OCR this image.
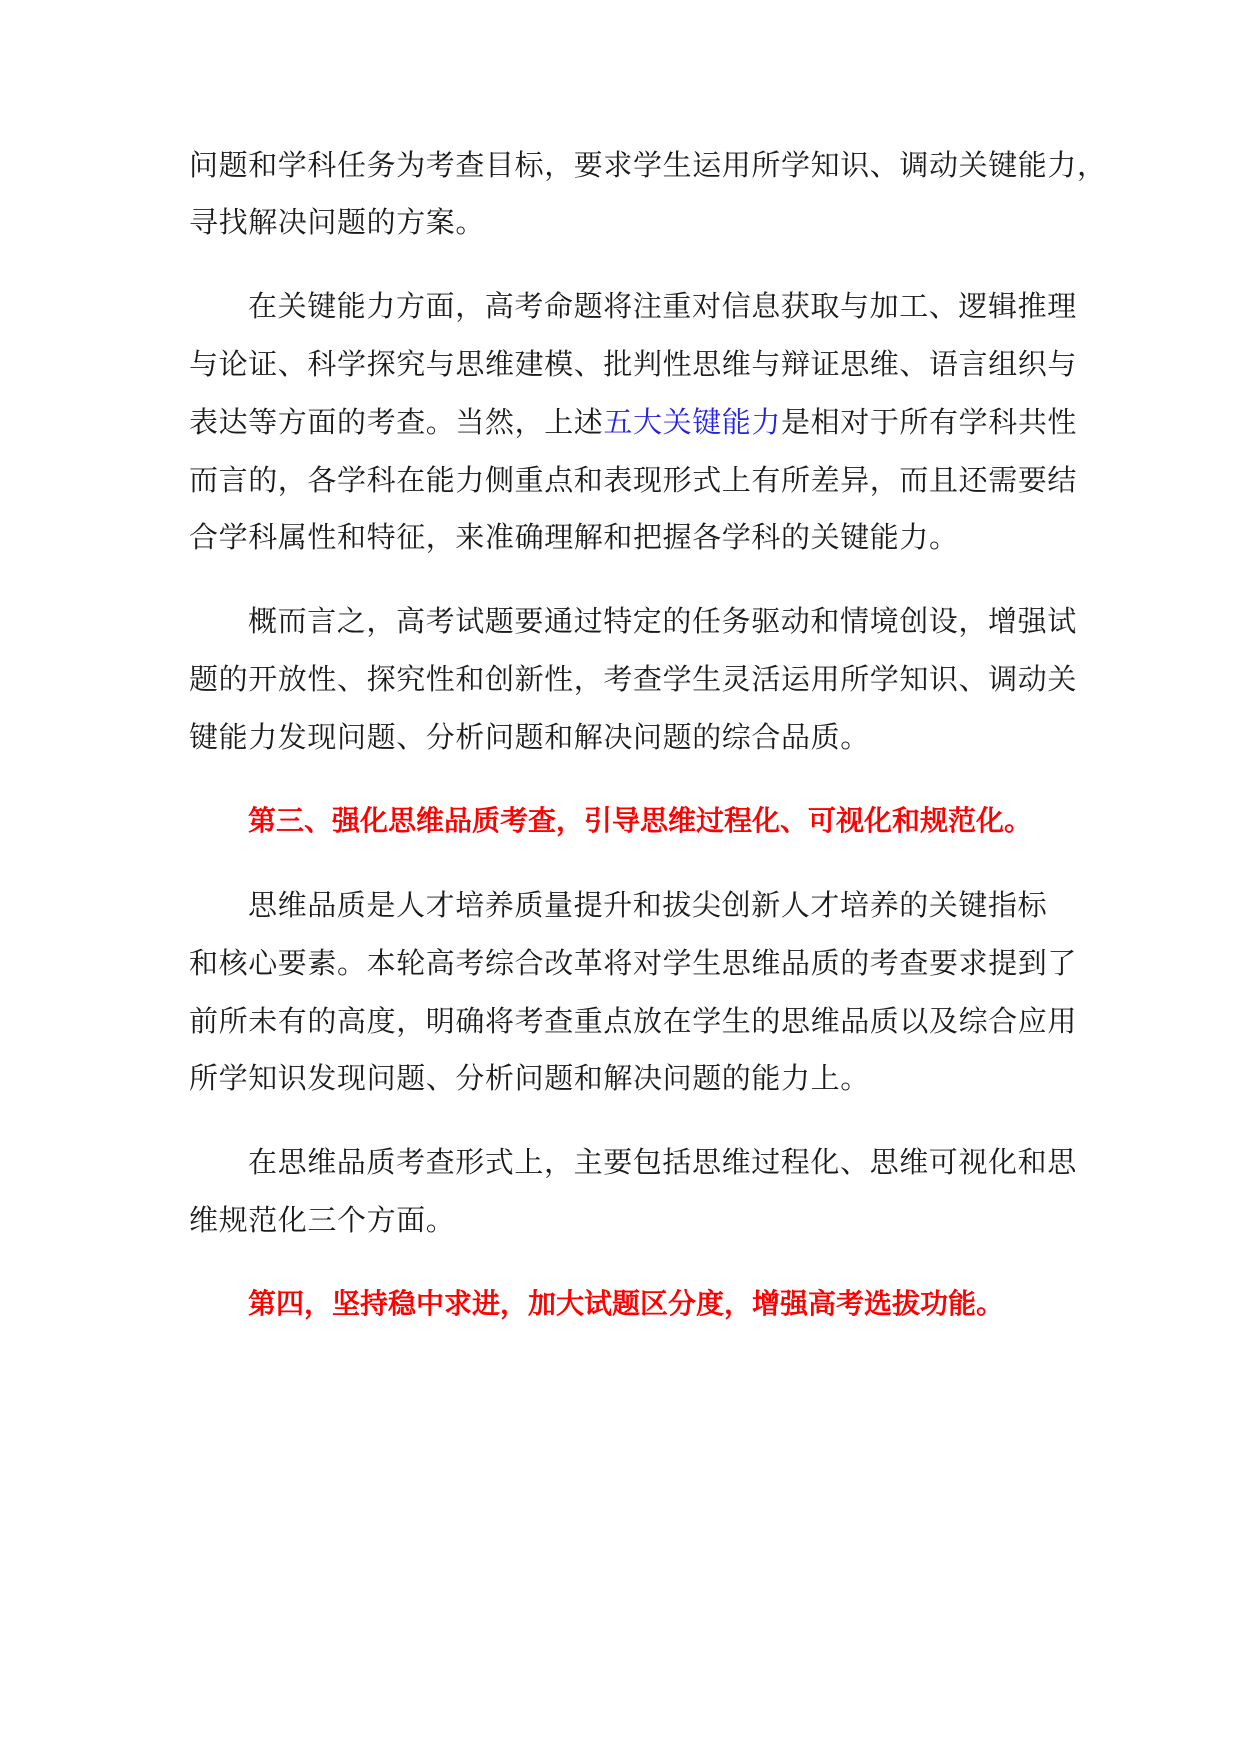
问题和学科任务为考查目标，要求学生运用所学知识、调动关键能力，
寻找解决问题的方案。
在关键能力方面，高考命题将注重对信息获取与加工、逻辑推理
与论证、科学探究与思维建模、批判性思维与辩证思维、语言组织与
表达等方面的考查。当然，上述五大关键能力是相对于所有学科共性
而言的，各学科在能力侧重点和表现形式上有所差异，而且还需要结
合学科属性和特征，来准确理解和把握各学科的关键能力。
概而言之，高考试题要通过特定的任务驱动和情境创设，增强试
题的开放性、探究性和创新性，考查学生灵活运用所学知识、调动关
键能力发现问题、分析问题和解决问题的综合品质。
第三、强化思维品质考查，引导思维过程化、可视化和规范化。
思维品质是人才培养质量提升和拔尖创新人才培养的关键指标
和核心要素。本轮高考综合改革将对学生思维品质的考查要求提到了
前所未有的高度，明确将考查重点放在学生的思维品质以及综合应用
所学知识发现问题、分析问题和解决问题的能力上。
在思维品质考查形式上，主要包括思维过程化、思维可视化和思
维规范化三个方面。
第四，坚持稳中求进，加大试题区分度，增强高考选拔功能。
